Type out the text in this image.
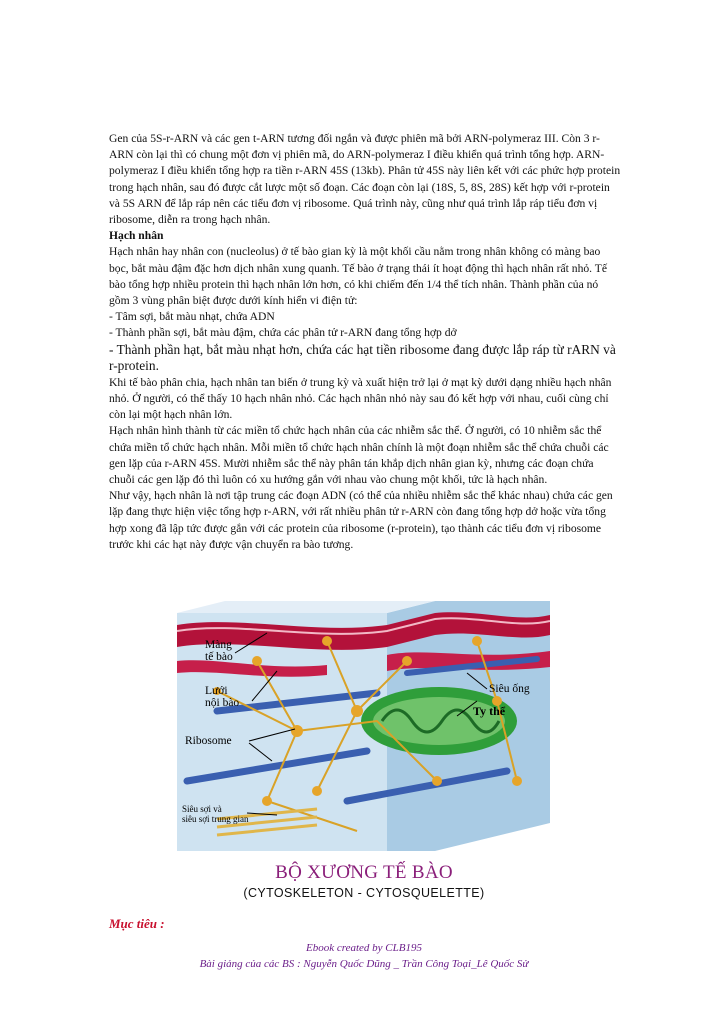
Gen của 5S-r-ARN và các gen t-ARN tương đối ngắn và được phiên mã bởi ARN-polymeraz III. Còn 3 r-ARN còn lại thì có chung một đơn vị phiên mã, do ARN-polymeraz I điều khiển quá trình tổng hợp. ARN-polymeraz I điều khiển tổng hợp ra tiền r-ARN 45S (13kb). Phân tử 45S này liên kết với các phức hợp protein trong hạch nhân, sau đó được cắt lược một số đoạn. Các đoạn còn lại (18S, 5, 8S, 28S) kết hợp với r-protein và 5S ARN để lắp ráp nên các tiểu đơn vị ribosome. Quá trình này, cũng như quá trình lắp ráp tiểu đơn vị ribosome, diễn ra trong hạch nhân.

Hạch nhân

Hạch nhân hay nhân con (nucleolus) ở tế bào gian kỳ là một khối cầu nằm trong nhân không có màng bao bọc, bắt màu đậm đặc hơn dịch nhân xung quanh. Tế bào ở trạng thái ít hoạt động thì hạch nhân rất nhỏ. Tế bào tổng hợp nhiều protein thì hạch nhân lớn hơn, có khi chiếm đến 1/4 thể tích nhân. Thành phần của nó gồm 3 vùng phân biệt được dưới kính hiển vi điện tử:

- Tâm sợi, bắt màu nhạt, chứa ADN

- Thành phần sợi, bắt màu đậm, chứa các phân tử r-ARN đang tổng hợp dở

- Thành phần hạt, bắt màu nhạt hơn, chứa các hạt tiền ribosome đang được lắp ráp từ rARN và r-protein.

Khi tế bào phân chia, hạch nhân tan biến ở trung kỳ và xuất hiện trở lại ở mạt kỳ dưới dạng nhiều hạch nhân nhỏ. Ở người, có thể thấy 10 hạch nhân nhỏ. Các hạch nhân nhỏ này sau đó kết hợp với nhau, cuối cùng chỉ còn lại một hạch nhân lớn.

Hạch nhân hình thành từ các miền tổ chức hạch nhân của các nhiễm sắc thể. Ở người, có 10 nhiễm sắc thể chứa miền tổ chức hạch nhân. Mỗi miền tổ chức hạch nhân chính là một đoạn nhiễm sắc thể chứa chuỗi các gen lặp của r-ARN 45S. Mười nhiễm sắc thể này phân tán khắp dịch nhân gian kỳ, nhưng các đoạn chứa chuỗi các gen lặp đó thì luôn có xu hướng gắn với nhau vào chung một khối, tức là hạch nhân.

Như vậy, hạch nhân là nơi tập trung các đoạn ADN (có thể của nhiều nhiễm sắc thể khác nhau) chứa các gen lặp đang thực hiện việc tổng hợp r-ARN, với rất nhiều phân tử r-ARN còn đang tổng hợp dở hoặc vừa tổng hợp xong đã lập tức được gắn với các protein của ribosome (r-protein), tạo thành các tiểu đơn vị ribosome trước khi các hạt này được vận chuyển ra bào tương.

Màng
tế bào
Lưới
nội bào
Ribosome
Siêu sợi và
siêu sợi trung gian
Siêu ống
Ty thể
BỘ XƯƠNG TẾ BÀO
(CYTOSKELETON - CYTOSQUELETTE)
Mục tiêu :
Ebook created by CLB195
Bài giảng của các BS : Nguyễn Quốc Dũng _ Trần Công Toại_Lê Quốc Sử
